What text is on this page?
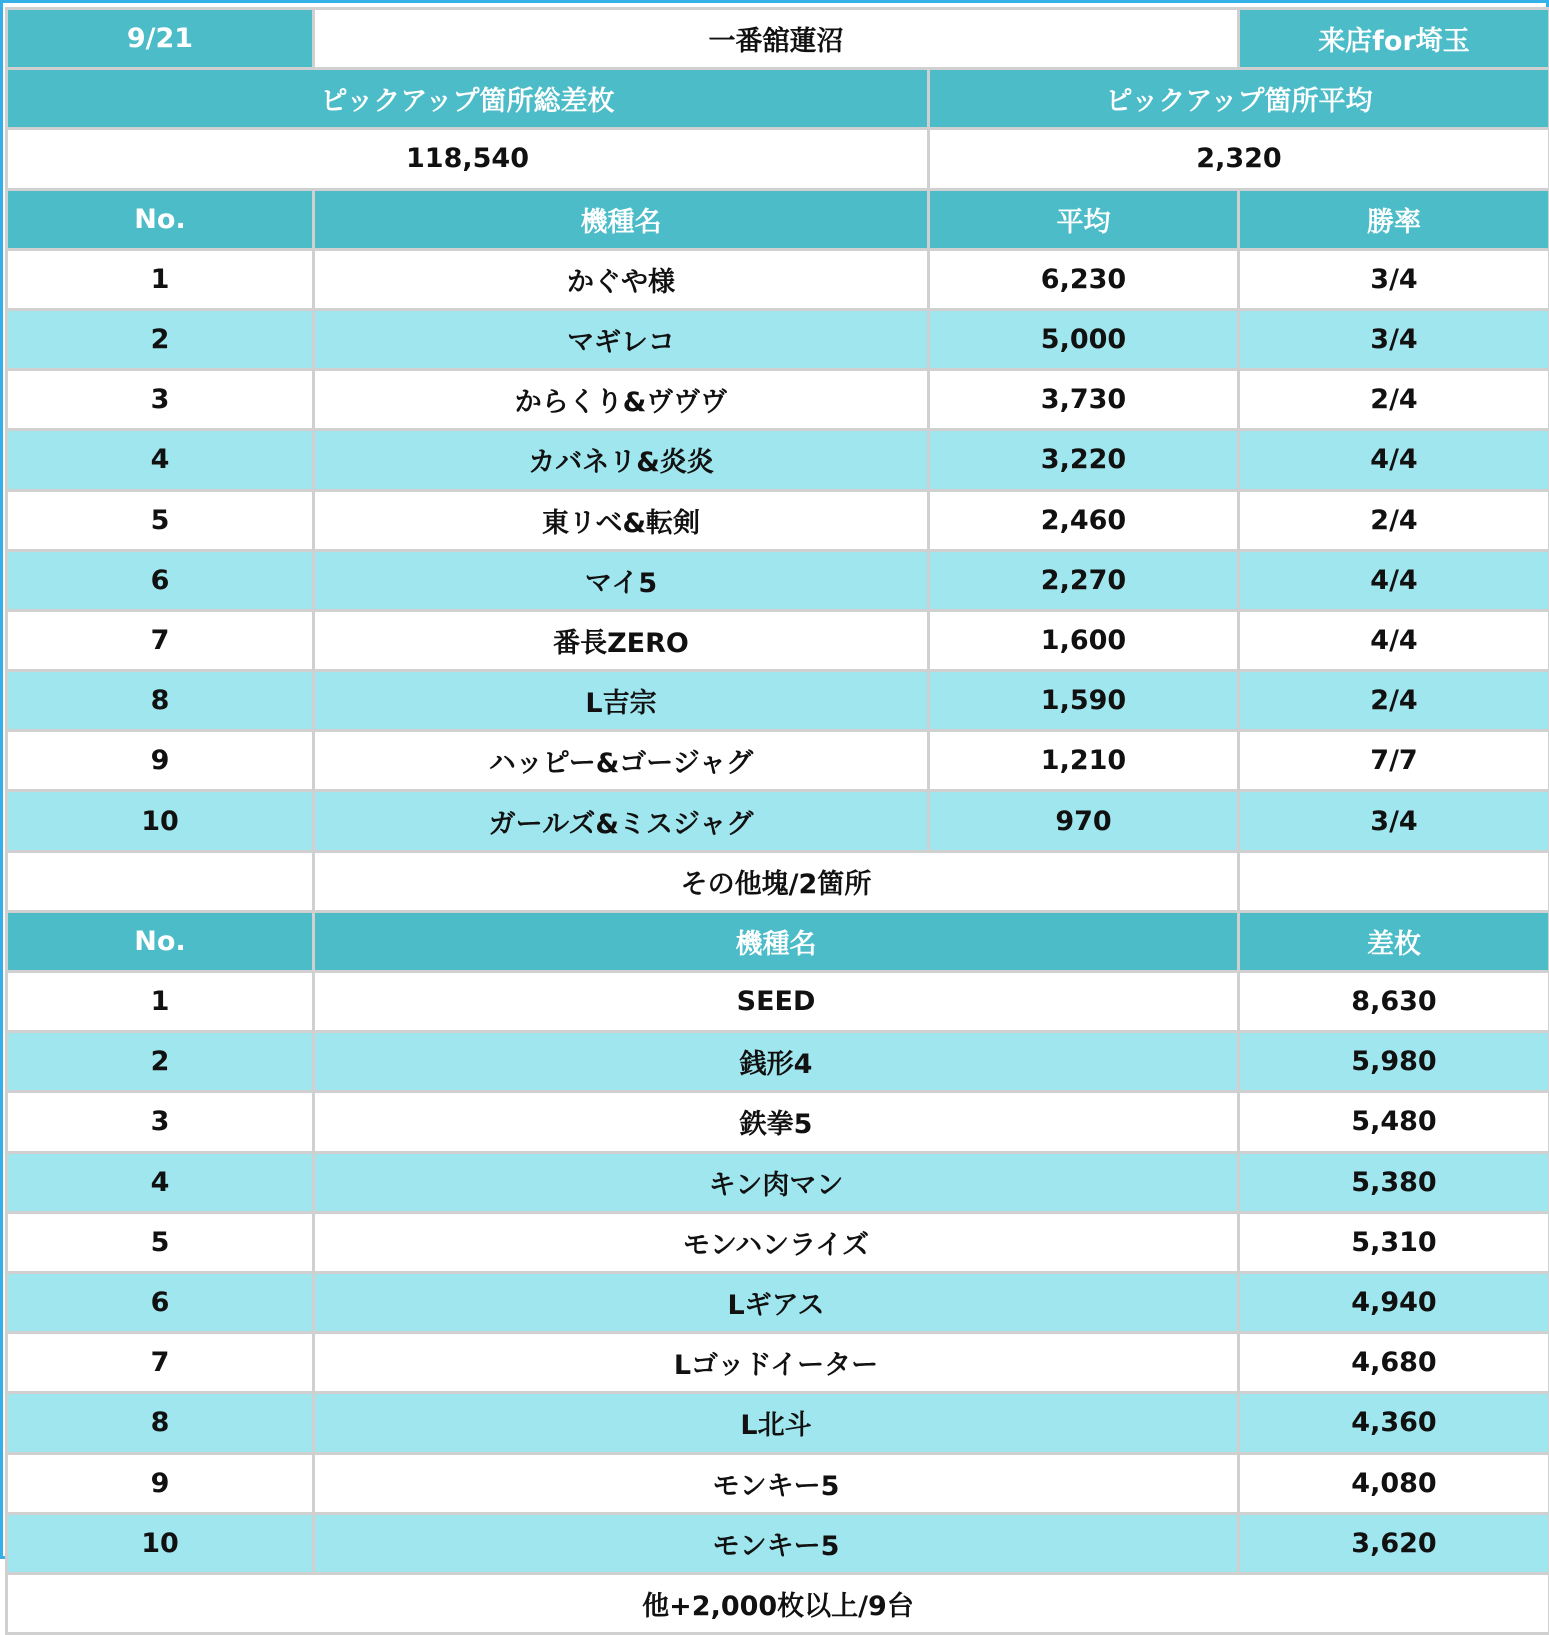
9/21	一番舘蓮沼		来店for埼玉
ピックアップ箇所総差枚		ピックアップ箇所平均	
118,540		2,320	
No.	機種名	平均	勝率
1	かぐや様	6,230	3/4
2	マギレコ	5,000	3/4
3	からくり&ヴヴヴ	3,730	2/4
4	カバネリ&炎炎	3,220	4/4
5	東リベ&転剣	2,460	2/4
6	マイ5	2,270	4/4
7	番長ZERO	1,600	4/4
8	L吉宗	1,590	2/4
9	ハッピー&ゴージャグ	1,210	7/7
10	ガールズ&ミスジャグ	970	3/4
	その他塊/2箇所		
No.	機種名		差枚
1	SEED		8,630
2	銭形4		5,980
3	鉄拳5		5,480
4	キン肉マン		5,380
5	モンハンライズ		5,310
6	Lギアス		4,940
7	Lゴッドイーター		4,680
8	L北斗		4,360
9	モンキー5		4,080
10	モンキー5		3,620
他+2,000枚以上/9台			
